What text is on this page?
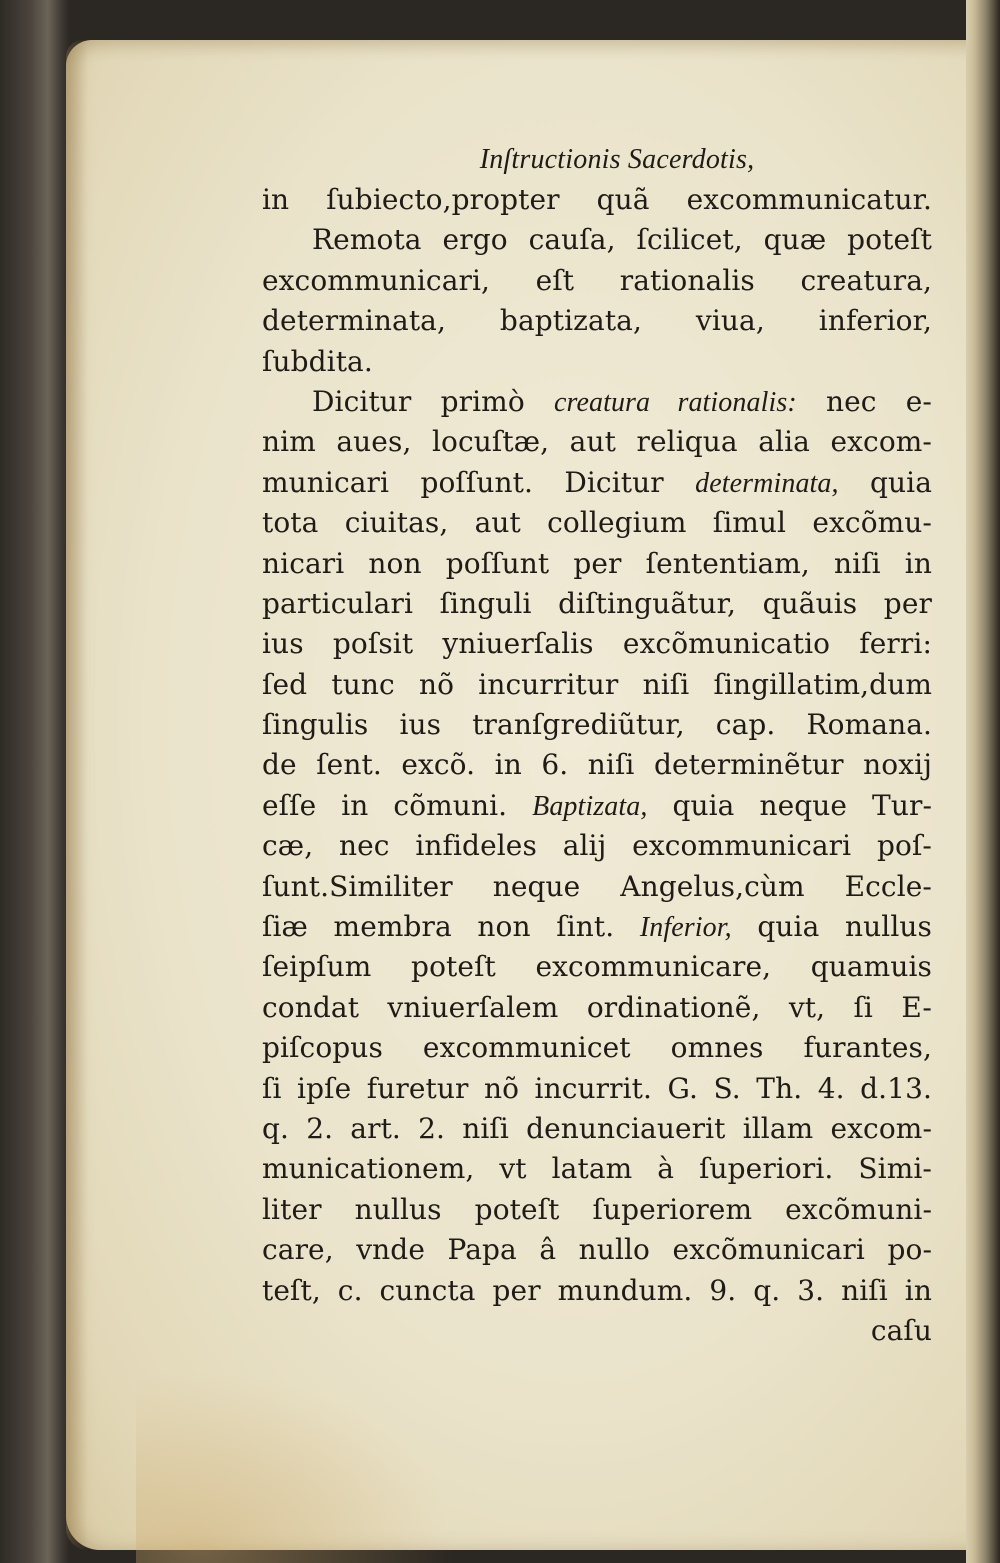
Inſtructionis Sacerdotis,
in ſubiecto,propter quã excommunicatur.
Remota ergo cauſa, ſcilicet, quæ poteſt
excommunicari, eſt rationalis creatura,
determinata, baptizata, viua, inferior,
ſubdita.
Dicitur primò creatura rationalis: nec e-
nim aues, locuſtæ, aut reliqua alia excom-
municari poſſunt. Dicitur determinata, quia
tota ciuitas, aut collegium ſimul excõmu-
nicari non poſſunt per ſententiam, niſi in
particulari ſinguli diſtinguãtur, quãuis per
ius poſsit yniuerſalis excõmunicatio ferri:
ſed tunc nõ incurritur niſi ſingillatim,dum
ſingulis ius tranſgrediũtur, cap. Romana.
de ſent. excõ. in 6. niſi determinẽtur noxij
eſſe in cõmuni. Baptizata, quia neque Tur-
cæ, nec infideles alij excommunicari poſ-
ſunt.Similiter neque Angelus,cùm Eccle-
ſiæ membra non ſint. Inferior, quia nullus
ſeipſum poteſt excommunicare, quamuis
condat vniuerſalem ordinationẽ, vt, ſi E-
piſcopus excommunicet omnes furantes,
ſi ipſe furetur nõ incurrit. G. S. Th. 4. d.13.
q. 2. art. 2. niſi denunciauerit illam excom-
municationem, vt latam à ſuperiori. Simi-
liter nullus poteſt ſuperiorem excõmuni-
care, vnde Papa â nullo excõmunicari po-
teſt, c. cuncta per mundum. 9. q. 3. niſi in
caſu
